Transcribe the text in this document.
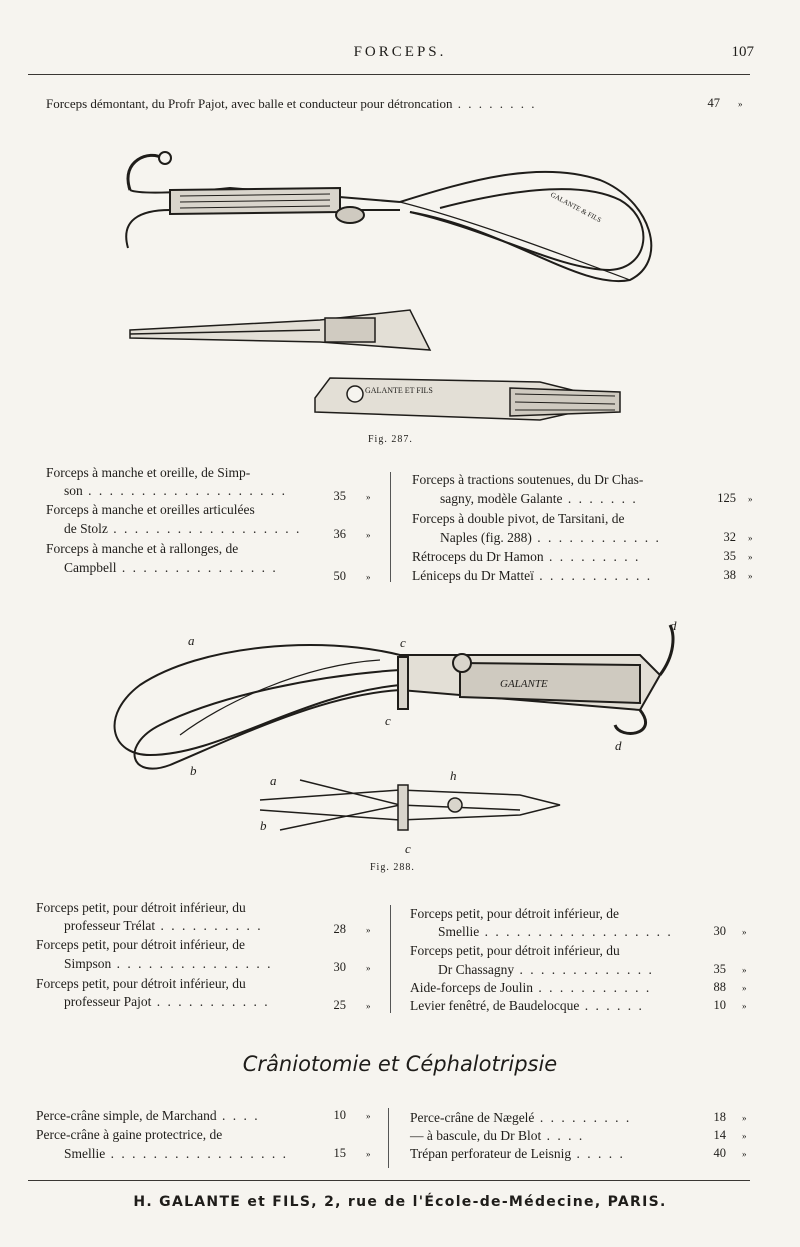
FORCEPS.	107
Forceps démontant, du Profr Pajot, avec balle et conducteur pour détroncation . . . . . . . .	47 »
GALANTE & FILS
GALANTE ET FILS
Fig. 287.
Forceps à manche et oreille, de Simp-
son . . . . . . . . . . . . . . . . . . .	35 »
Forceps à manche et oreilles articulées
de Stolz . . . . . . . . . . . . . . . . . .	36 »
Forceps à manche et à rallonges, de
Campbell . . . . . . . . . . . . . . .
50 »
Forceps à tractions soutenues, du Dr Chas-
sagny, modèle Galante . . . . . . .	125 »
Forceps à double pivot, de Tarsitani, de
Naples (fig. 288) . . . . . . . . . . . .	32 »
Rétroceps du Dr Hamon . . . . . . . . .	35 »
Léniceps du Dr Matteï . . . . . . . . . . .	38 »
GALANTE
a	c
d
c
b
d
a	h
b
c
Fig. 288.
Forceps petit, pour détroit inférieur, du
professeur Trélat . . . . . . . . . .	28 »
Forceps petit, pour détroit inférieur, de
Simpson . . . . . . . . . . . . . . .	30 »
Forceps petit, pour détroit inférieur, du
professeur Pajot . . . . . . . . . . .	25 »
Forceps petit, pour détroit inférieur, de
Smellie . . . . . . . . . . . . . . . . . .	30 »
Forceps petit, pour détroit inférieur, du
Dr Chassagny . . . . . . . . . . . . .	35 »
Aide-forceps de Joulin . . . . . . . . . . .	88 »
Levier fenêtré, de Baudelocque . . . . . .	10 »
Crâniotomie et Céphalotripsie
Perce-crâne simple, de Marchand . . . .	10 »
Perce-crâne à gaine protectrice, de
Smellie . . . . . . . . . . . . . . . . .	15 »
Perce-crâne de Nægelé . . . . . . . . .	18 »
— à bascule, du Dr Blot . . . .	14 »
Trépan perforateur de Leisnig . . . . .	40 »
H. GALANTE et FILS, 2, rue de l'École-de-Médecine, PARIS.
